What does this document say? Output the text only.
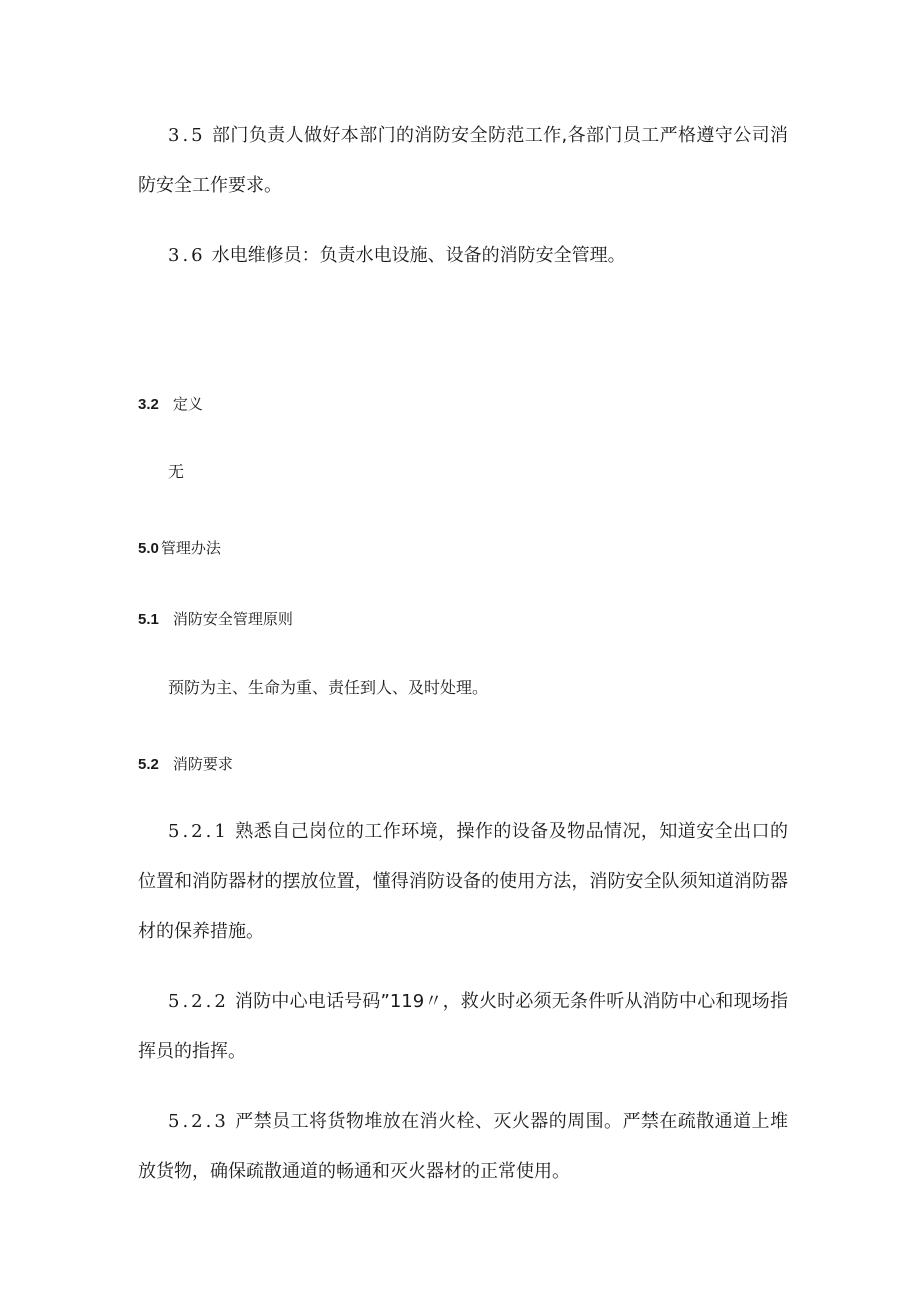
3.5 部门负责人做好本部门的消防安全防范工作,各部门员工严格遵守公司消防安全工作要求。

3.6 水电维修员：负责水电设施、设备的消防安全管理。

3.2 定义

无

5.0 管理办法

5.1 消防安全管理原则

预防为主、生命为重、责任到人、及时处理。

5.2 消防要求

5.2.1 熟悉自己岗位的工作环境，操作的设备及物品情况，知道安全出口的位置和消防器材的摆放位置，懂得消防设备的使用方法，消防安全队须知道消防器材的保养措施。

5.2.2 消防中心电话号码”119〃，救火时必须无条件听从消防中心和现场指挥员的指挥。

5.2.3 严禁员工将货物堆放在消火栓、灭火器的周围。严禁在疏散通道上堆放货物，确保疏散通道的畅通和灭火器材的正常使用。
